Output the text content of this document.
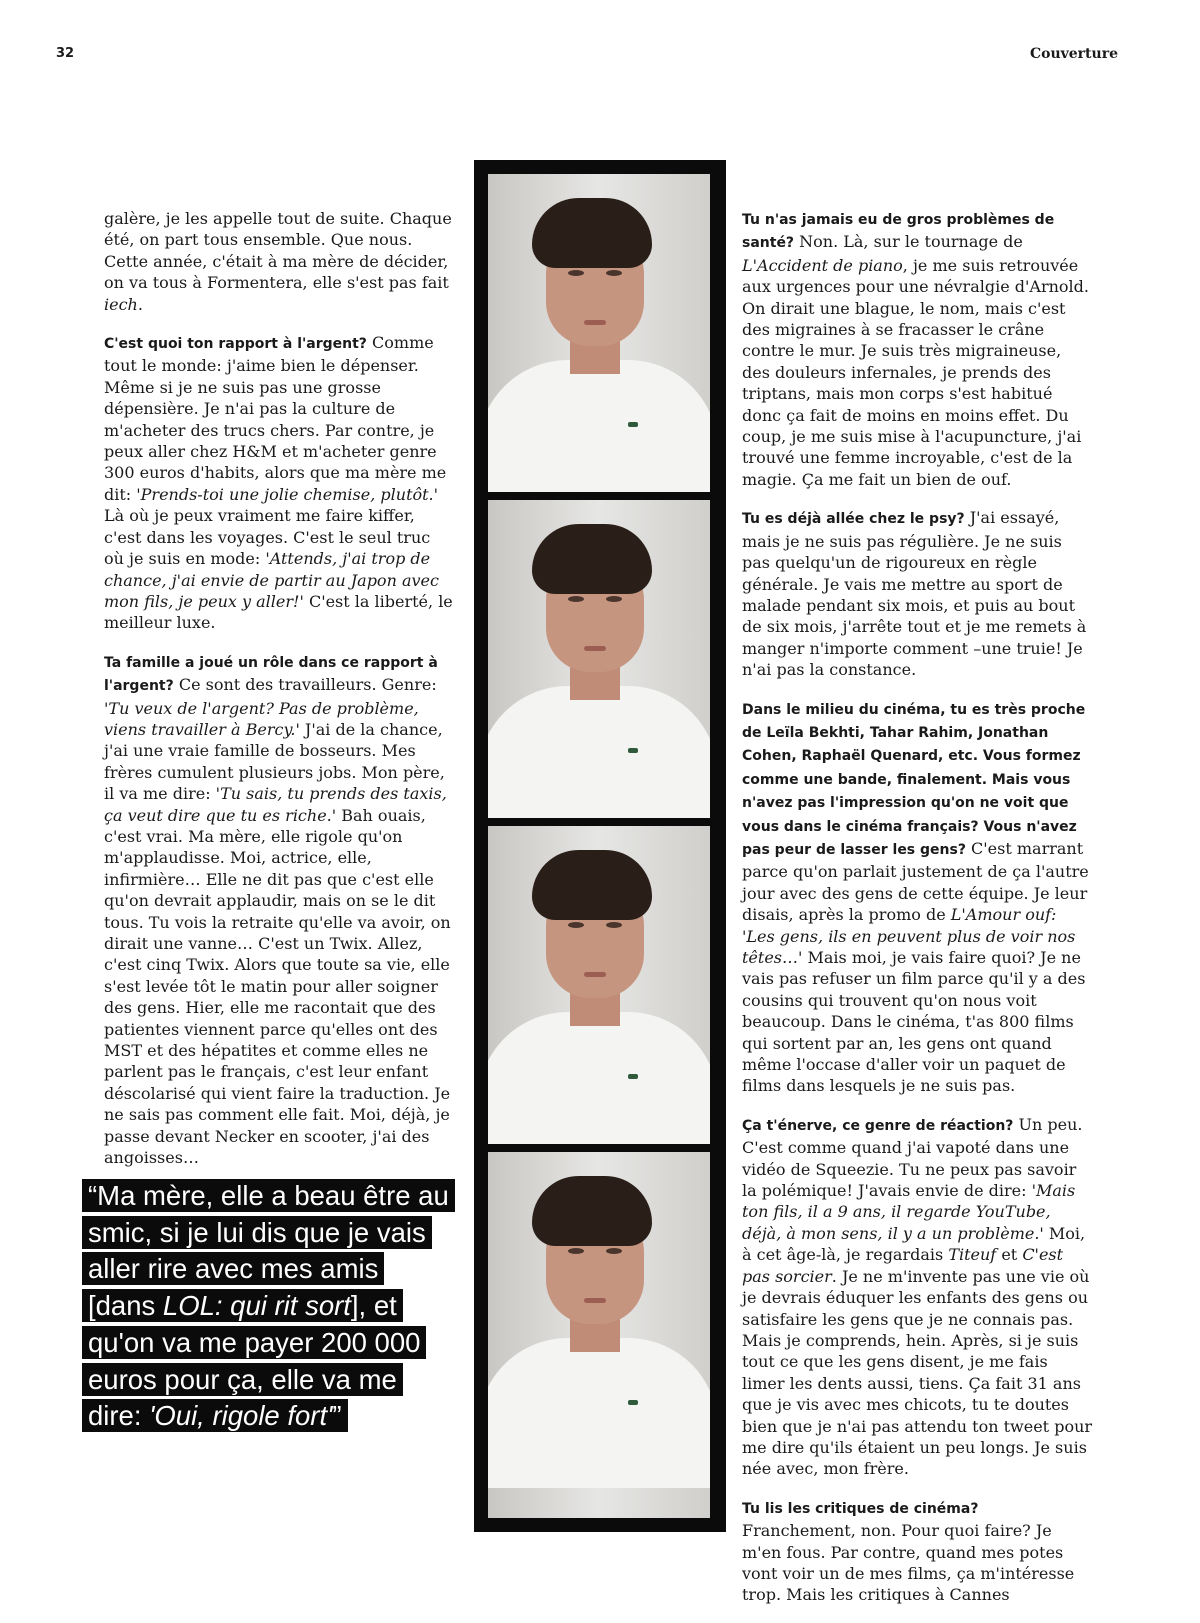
32	Couverture

galère, je les appelle tout de suite. Chaque été, on part tous ensemble. Que nous. Cette année, c'était à ma mère de décider, on va tous à Formentera, elle s'est pas fait iech.

C'est quoi ton rapport à l'argent? Comme tout le monde: j'aime bien le dépenser. Même si je ne suis pas une grosse dépensière. Je n'ai pas la culture de m'acheter des trucs chers. Par contre, je peux aller chez H&M et m'acheter genre 300 euros d'habits, alors que ma mère me dit: 'Prends-toi une jolie chemise, plutôt.' Là où je peux vraiment me faire kiffer, c'est dans les voyages. C'est le seul truc où je suis en mode: 'Attends, j'ai trop de chance, j'ai envie de partir au Japon avec mon fils, je peux y aller!' C'est la liberté, le meilleur luxe.

Ta famille a joué un rôle dans ce rapport à l'argent? Ce sont des travailleurs. Genre: 'Tu veux de l'argent? Pas de problème, viens travailler à Bercy.' J'ai de la chance, j'ai une vraie famille de bosseurs. Mes frères cumulent plusieurs jobs. Mon père, il va me dire: 'Tu sais, tu prends des taxis, ça veut dire que tu es riche.' Bah ouais, c'est vrai. Ma mère, elle rigole qu'on m'applaudisse. Moi, actrice, elle, infirmière… Elle ne dit pas que c'est elle qu'on devrait applaudir, mais on se le dit tous. Tu vois la retraite qu'elle va avoir, on dirait une vanne… C'est un Twix. Allez, c'est cinq Twix. Alors que toute sa vie, elle s'est levée tôt le matin pour aller soigner des gens. Hier, elle me racontait que des patientes viennent parce qu'elles ont des MST et des hépatites et comme elles ne parlent pas le français, c'est leur enfant déscolarisé qui vient faire la traduction. Je ne sais pas comment elle fait. Moi, déjà, je passe devant Necker en scooter, j'ai des angoisses…

Tu n'as jamais eu de gros problèmes de santé? Non. Là, sur le tournage de L'Accident de piano, je me suis retrouvée aux urgences pour une névralgie d'Arnold. On dirait une blague, le nom, mais c'est des migraines à se fracasser le crâne contre le mur. Je suis très migraineuse, des douleurs infernales, je prends des triptans, mais mon corps s'est habitué donc ça fait de moins en moins effet. Du coup, je me suis mise à l'acupuncture, j'ai trouvé une femme incroyable, c'est de la magie. Ça me fait un bien de ouf.

Tu es déjà allée chez le psy? J'ai essayé, mais je ne suis pas régulière. Je ne suis pas quelqu'un de rigoureux en règle générale. Je vais me mettre au sport de malade pendant six mois, et puis au bout de six mois, j'arrête tout et je me remets à manger n'importe comment –une truie! Je n'ai pas la constance.

Dans le milieu du cinéma, tu es très proche de Leïla Bekhti, Tahar Rahim, Jonathan Cohen, Raphaël Quenard, etc. Vous formez comme une bande, finalement. Mais vous n'avez pas l'impression qu'on ne voit que vous dans le cinéma français? Vous n'avez pas peur de lasser les gens? C'est marrant parce qu'on parlait justement de ça l'autre jour avec des gens de cette équipe. Je leur disais, après la promo de L'Amour ouf: 'Les gens, ils en peuvent plus de voir nos têtes…' Mais moi, je vais faire quoi? Je ne vais pas refuser un film parce qu'il y a des cousins qui trouvent qu'on nous voit beaucoup. Dans le cinéma, t'as 800 films qui sortent par an, les gens ont quand même l'occase d'aller voir un paquet de films dans lesquels je ne suis pas.

Ça t'énerve, ce genre de réaction? Un peu. C'est comme quand j'ai vapoté dans une vidéo de Squeezie. Tu ne peux pas savoir la polémique! J'avais envie de dire: 'Mais ton fils, il a 9 ans, il regarde YouTube, déjà, à mon sens, il y a un problème.' Moi, à cet âge-là, je regardais Titeuf et C'est pas sorcier. Je ne m'invente pas une vie où je devrais éduquer les enfants des gens ou satisfaire les gens que je ne connais pas. Mais je comprends, hein. Après, si je suis tout ce que les gens disent, je me fais limer les dents aussi, tiens. Ça fait 31 ans que je vis avec mes chicots, tu te doutes bien que je n'ai pas attendu ton tweet pour me dire qu'ils étaient un peu longs. Je suis née avec, mon frère.

Tu lis les critiques de cinéma? Franchement, non. Pour quoi faire? Je m'en fous. Par contre, quand mes potes vont voir un de mes films, ça m'intéresse trop. Mais les critiques à Cannes

“Ma mère, elle a beau être au smic, si je lui dis que je vais aller rire avec mes amis [dans LOL: qui rit sort], et qu'on va me payer 200 000 euros pour ça, elle va me dire: 'Oui, rigole fort'”
